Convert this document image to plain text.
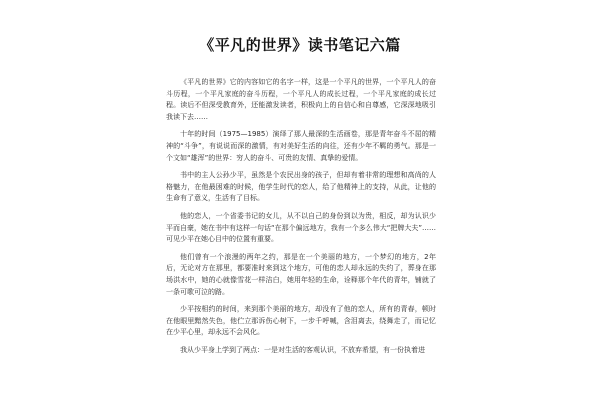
《平凡的世界》读书笔记六篇

《平凡的世界》它的内容如它的名字一样，这是一个平凡的世界，一个平凡人的奋斗历程，一个平凡家庭的奋斗历程，一个平凡人的成长过程，一个平凡家庭的成长过程。读后不但深受教育外，还能激发读者，积极向上的自信心和自尊感，它深深地吸引我读下去……

十年的时间（1975—1985）演绎了那人最深的生活画卷，那是青年奋斗不屈的精神的“斗争”，有说说而深的激情，有对美好生活的向往，还有少年不羁的勇气。那是一个文如“雄浑”的世界：穷人的奋斗、可贵的友情、真挚的爱情。

书中的主人公孙少平，虽然是个农民出身的孩子，但却有着非常的理想和高尚的人格魅力，在他最困难的时候，他学生时代的恋人，给了他精神上的支持，从此，让他的生命有了意义，生活有了目标。

他的恋人，一个省委书记的女儿，从不以自己的身份到以为贵，相反，却为认识少平而自豪，她在书中有这样一句话“在那个偏远地方，我有一个多么伟大“把牌大夫”……可见少平在她心目中的位置有重要。

他们曾有一个浪漫的两年之约，那是在一个美丽的地方，一个梦幻的地方，2年后，无论对方在那里，都要准时来到这个地方，可他的恋人却永远的失约了，葬身在那场洪水中，她的心就像雪花一样洁白，她用年轻的生命，诠释那个年代的青年，铺就了一条可歌可泣的路。

少平按相约的时间，来到那个美丽的地方，却没有了他的恋人，所有的青春，顿时在他眼里黯然失色，他伫立那诉伤心树下，一步千呼喊，含泪离去，绕舞走了，而记忆在少平心里，却永远不会风化。

我从少平身上学到了两点：一是对生活的客观认识，不放弃希望，有一份执着进
